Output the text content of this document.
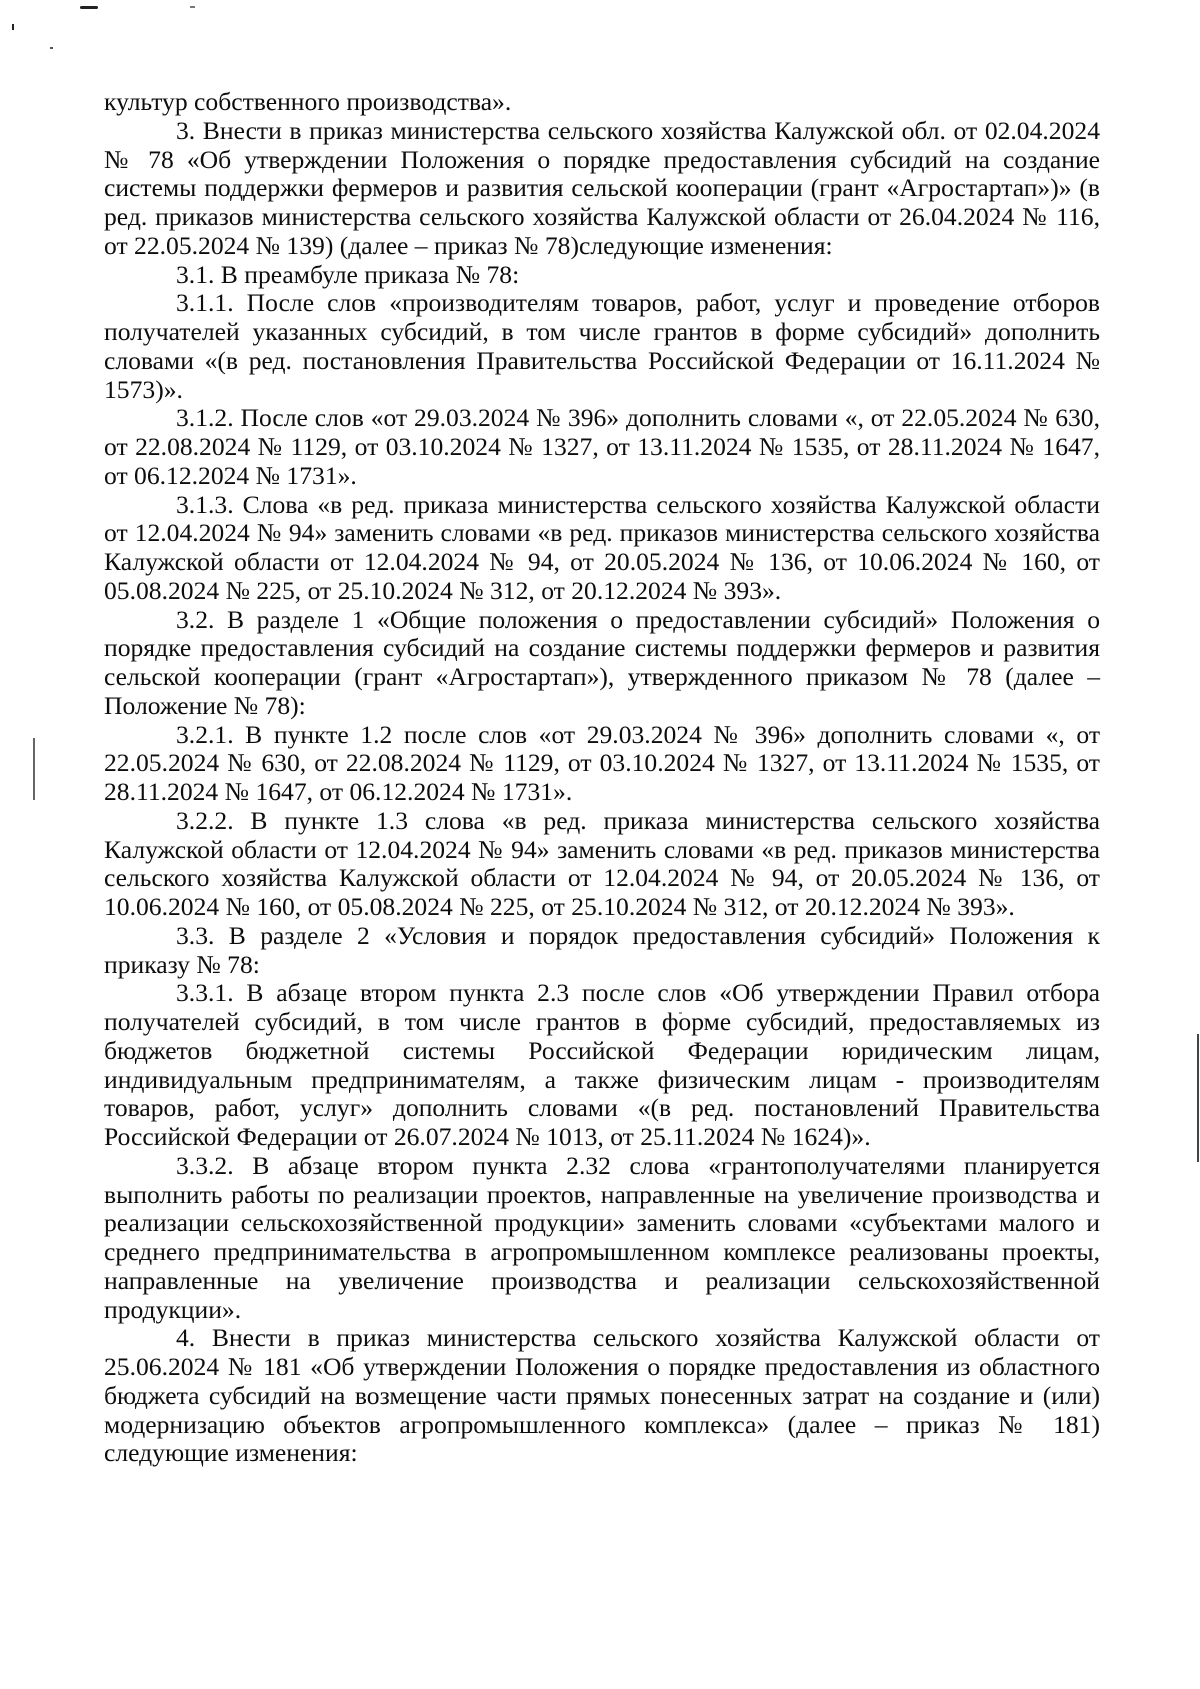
культур собственного производства».

3. Внести в приказ министерства сельского хозяйства Калужской обл. от 02.04.2024 № 78 «Об утверждении Положения о порядке предоставления субсидий на создание системы поддержки фермеров и развития сельской кооперации (грант «Агростартап»)» (в ред. приказов министерства сельского хозяйства Калужской области от 26.04.2024 № 116, от 22.05.2024 № 139) (далее – приказ № 78)следующие изменения:

3.1. В преамбуле приказа № 78:

3.1.1. После слов «производителям товаров, работ, услуг и проведение отборов получателей указанных субсидий, в том числе грантов в форме субсидий» дополнить словами «(в ред. постановления Правительства Российской Федерации от 16.11.2024 № 1573)».

3.1.2. После слов «от 29.03.2024 № 396» дополнить словами «, от 22.05.2024 № 630, от 22.08.2024 № 1129, от 03.10.2024 № 1327, от 13.11.2024 № 1535, от 28.11.2024 № 1647, от 06.12.2024 № 1731».

3.1.3. Слова «в ред. приказа министерства сельского хозяйства Калужской области от 12.04.2024 № 94» заменить словами «в ред. приказов министерства сельского хозяйства Калужской области от 12.04.2024 № 94, от 20.05.2024 № 136, от 10.06.2024 № 160, от 05.08.2024 № 225, от 25.10.2024 № 312, от 20.12.2024 № 393».

3.2. В разделе 1 «Общие положения о предоставлении субсидий» Положения о порядке предоставления субсидий на создание системы поддержки фермеров и развития сельской кооперации (грант «Агростартап»), утвержденного приказом № 78 (далее – Положение № 78):

3.2.1. В пункте 1.2 после слов «от 29.03.2024 № 396» дополнить словами «, от 22.05.2024 № 630, от 22.08.2024 № 1129, от 03.10.2024 № 1327, от 13.11.2024 № 1535, от 28.11.2024 № 1647, от 06.12.2024 № 1731».

3.2.2. В пункте 1.3 слова «в ред. приказа министерства сельского хозяйства Калужской области от 12.04.2024 № 94» заменить словами «в ред. приказов министерства сельского хозяйства Калужской области от 12.04.2024 № 94, от 20.05.2024 № 136, от 10.06.2024 № 160, от 05.08.2024 № 225, от 25.10.2024 № 312, от 20.12.2024 № 393».

3.3. В разделе 2 «Условия и порядок предоставления субсидий» Положения к приказу № 78:

3.3.1. В абзаце втором пункта 2.3 после слов «Об утверждении Правил отбора получателей субсидий, в том числе грантов в форме субсидий, предоставляемых из бюджетов бюджетной системы Российской Федерации юридическим лицам, индивидуальным предпринимателям, а также физическим лицам - производителям товаров, работ, услуг» дополнить словами «(в ред. постановлений Правительства Российской Федерации от 26.07.2024 № 1013, от 25.11.2024 № 1624)».

3.3.2. В абзаце втором пункта 2.32 слова «грантополучателями планируется выполнить работы по реализации проектов, направленные на увеличение производства и реализации сельскохозяйственной продукции» заменить словами «субъектами малого и среднего предпринимательства в агропромышленном комплексе реализованы проекты, направленные на увеличение производства и реализации сельскохозяйственной продукции».

4. Внести в приказ министерства сельского хозяйства Калужской области от 25.06.2024 № 181 «Об утверждении Положения о порядке предоставления из областного бюджета субсидий на возмещение части прямых понесенных затрат на создание и (или) модернизацию объектов агропромышленного комплекса» (далее – приказ № 181) следующие изменения:
